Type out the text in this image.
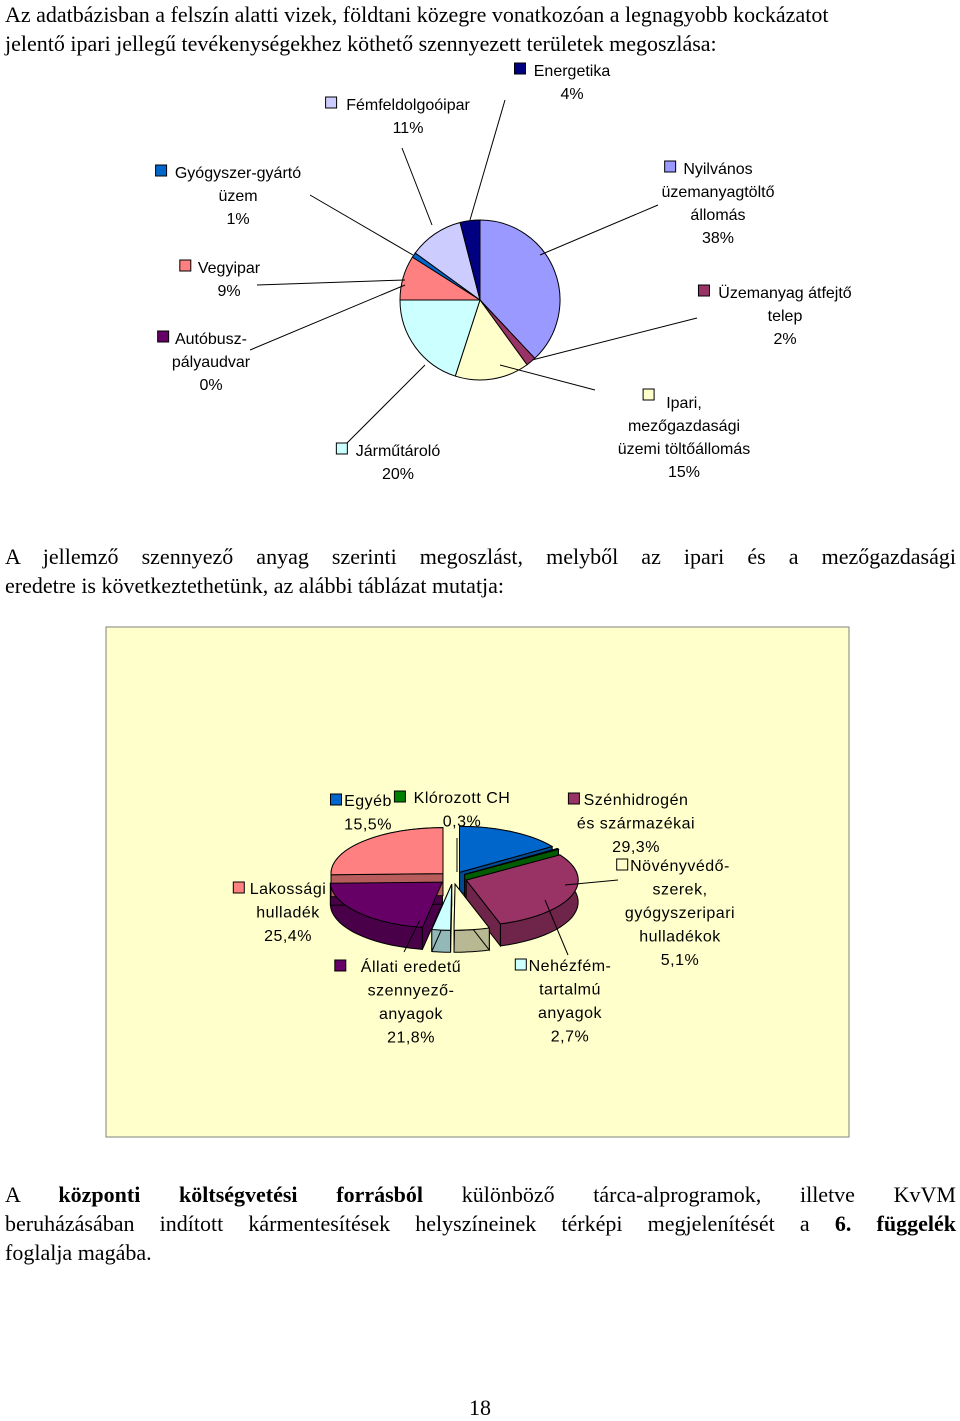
Az adatbázisban a felszín alatti vizek, földtani közegre vonatkozóan a legnagyobb kockázatot
jelentő ipari jellegű tevékenységekhez köthető szennyezett területek megoszlása:

Nyilvános
üzemanyagtöltő
állomás
38%
Üzemanyag átfejtő
telep
2%
Ipari,
mezőgazdasági
üzemi töltőállomás
15%
Járműtároló
20%
Autóbusz-
pályaudvar
0%
Vegyipar
9%
Gyógyszer-gyártó
üzem
1%
Fémfeldolgoóipar
11%
Energetika
4%

A jellemző szennyező anyag szerinti megoszlást, melyből az ipari és a mezőgazdasági
eredetre is következtethetünk, az alábbi táblázat mutatja:

Egyéb
15,5%
Klórozott CH
0,3%
Szénhidrogén
és származékai
29,3%
Növényvédő-
szerek,
gyógyszeripari
hulladékok
5,1%
Nehézfém-
tartalmú
anyagok
2,7%
Állati eredetű
szennyező-
anyagok
21,8%
Lakossági
hulladék
25,4%

A központi költségvetési forrásból különböző tárca-alprogramok, illetve KvVM
beruházásában indított kármentesítések helyszíneinek térképi megjelenítését a 6. függelék
foglalja magába.

18
